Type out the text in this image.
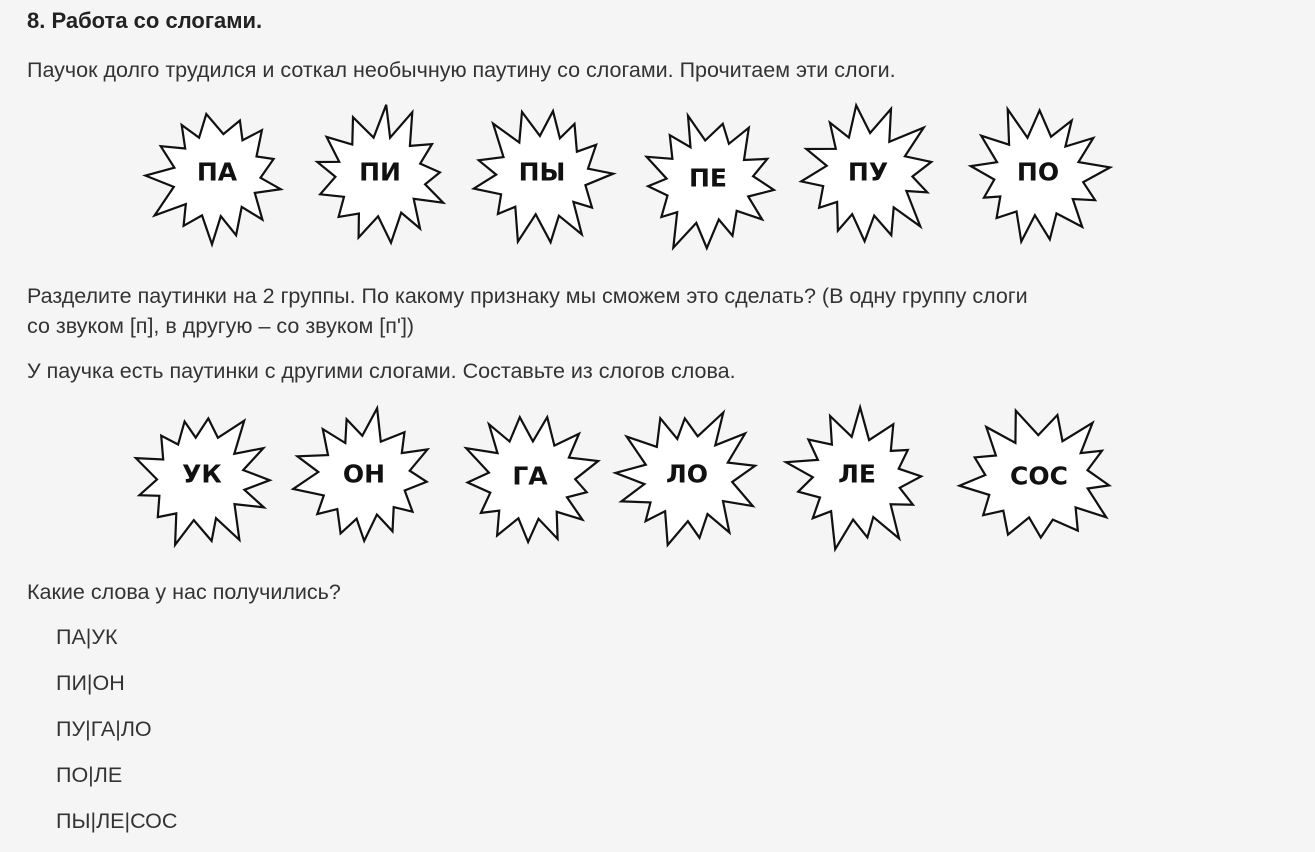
8. Работа со слогами.
Паучок долго трудился и соткал необычную паутину со слогами. Прочитаем эти слоги.
ПА	ПИ	ПЫ	ПЕ	ПУ	ПО
Разделите паутинки на 2 группы. По какому признаку мы сможем это сделать? (В одну группу слоги
со звуком [п], в другую – со звуком [п'])
У паучка есть паутинки с другими слогами. Составьте из слогов слова.
УК	ОН	ГА	ЛО	ЛЕ	СОС
Какие слова у нас получились?
ПА|УК
ПИ|ОН
ПУ|ГА|ЛО
ПО|ЛЕ
ПЫ|ЛЕ|СОС
